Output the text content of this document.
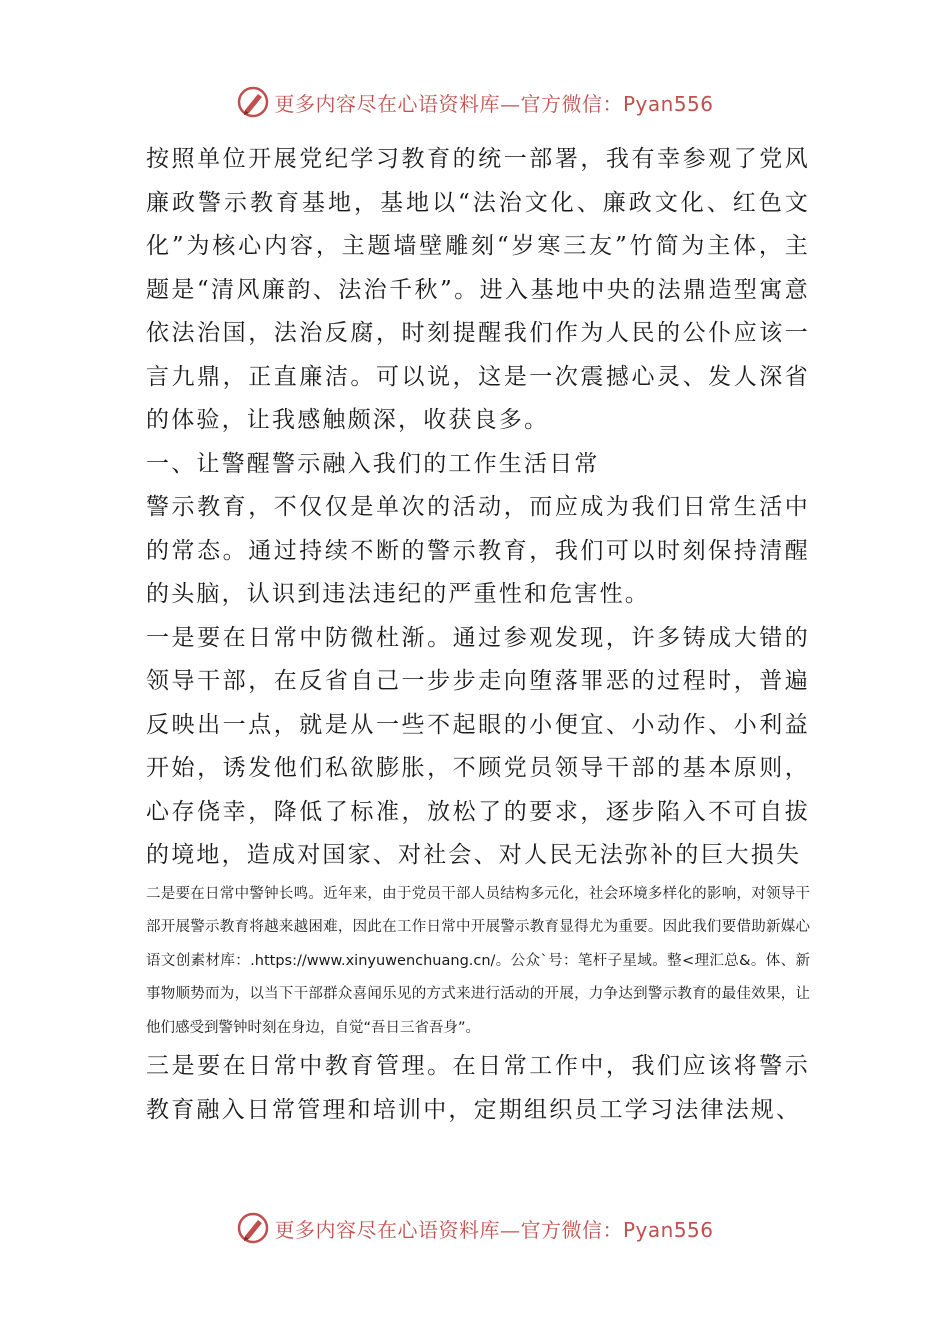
更多内容尽在心语资料库—官方微信：Pyan556

按照单位开展党纪学习教育的统一部署，我有幸参观了党风廉政警示教育基地，基地以“法治文化、廉政文化、红色文化”为核心内容，主题墙壁雕刻“岁寒三友”竹简为主体，主题是“清风廉韵、法治千秋”。进入基地中央的法鼎造型寓意依法治国，法治反腐，时刻提醒我们作为人民的公仆应该一言九鼎，正直廉洁。可以说，这是一次震撼心灵、发人深省的体验，让我感触颇深，收获良多。

一、让警醒警示融入我们的工作生活日常

警示教育，不仅仅是单次的活动，而应成为我们日常生活中的常态。通过持续不断的警示教育，我们可以时刻保持清醒的头脑，认识到违法违纪的严重性和危害性。

一是要在日常中防微杜渐。通过参观发现，许多铸成大错的领导干部，在反省自己一步步走向堕落罪恶的过程时，普遍反映出一点，就是从一些不起眼的小便宜、小动作、小利益开始，诱发他们私欲膨胀，不顾党员领导干部的基本原则，心存侥幸，降低了标准，放松了的要求，逐步陷入不可自拔的境地，造成对国家、对社会、对人民无法弥补的巨大损失

二是要在日常中警钟长鸣。近年来，由于党员干部人员结构多元化，社会环境多样化的影响，对领导干部开展警示教育将越来越困难，因此在工作日常中开展警示教育显得尤为重要。因此我们要借助新媒心语文创素材库：.https://www.xinyuwenchuang.cn/。公众`号：笔杆子星域。整<理汇总&。体、新事物顺势而为，以当下干部群众喜闻乐见的方式来进行活动的开展，力争达到警示教育的最佳效果，让他们感受到警钟时刻在身边，自觉“吾日三省吾身”。

三是要在日常中教育管理。在日常工作中，我们应该将警示教育融入日常管理和培训中，定期组织员工学习法律法规、

更多内容尽在心语资料库—官方微信：Pyan556
